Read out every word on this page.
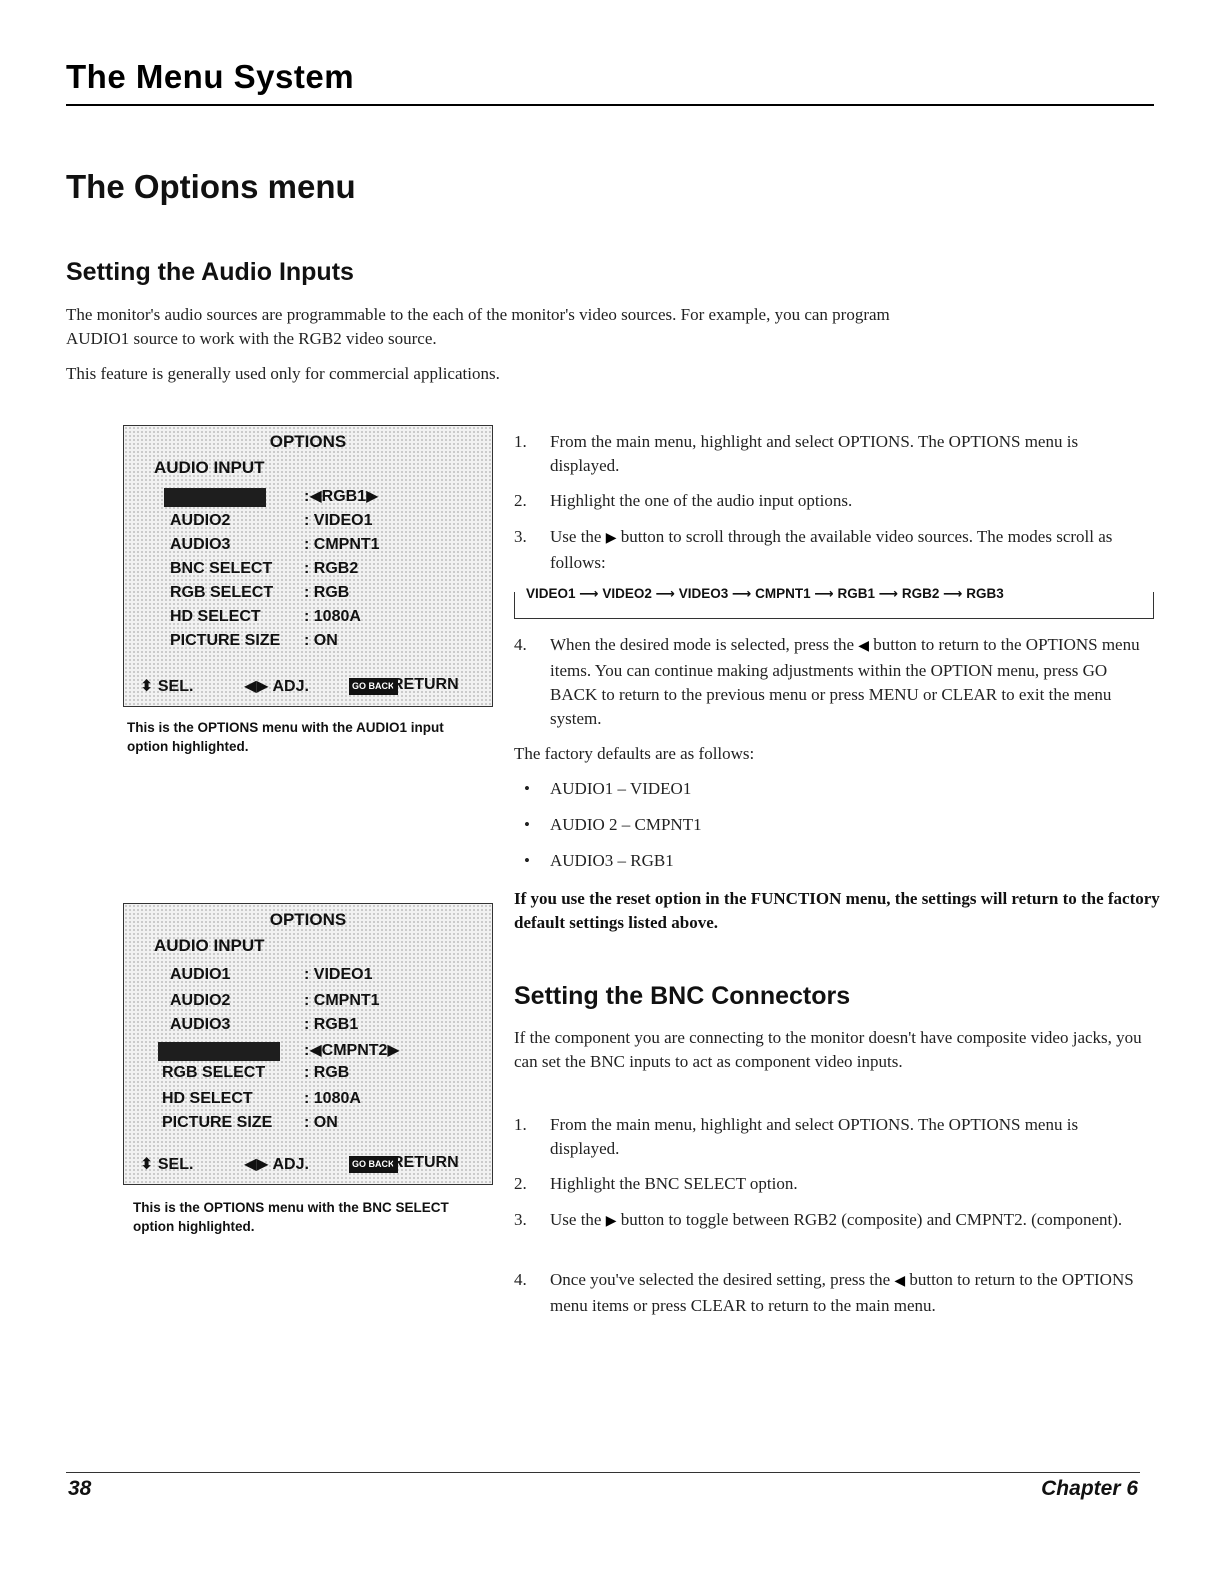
The Menu System
The Options menu
Setting the Audio Inputs
The monitor's audio sources are programmable to the each of the monitor's video sources. For example, you can program AUDIO1 source to work with the RGB2 video source.
This feature is generally used only for commercial applications.
OPTIONS
AUDIO INPUT
:◀RGB1▶
AUDIO2	: VIDEO1
AUDIO3	: CMPNT1
BNC SELECT : RGB2
RGB SELECT : RGB
HD SELECT	: 1080A
PICTURE SIZE : ON
⬍ SEL.	◀▶ ADJ.	GO BACK
RETURN
This is the OPTIONS menu with the AUDIO1 input option highlighted.
1. From the main menu, highlight and select OPTIONS. The OPTIONS menu is displayed.
2. Highlight the one of the audio input options.
3. Use the ▶ button to scroll through the available video sources. The modes scroll as follows:
VIDEO1 ⟶ VIDEO2 ⟶ VIDEO3 ⟶ CMPNT1 ⟶ RGB1 ⟶ RGB2 ⟶ RGB3
4. When the desired mode is selected, press the ◀ button to return to the OPTIONS menu items. You can continue making adjustments within the OPTION menu, press GO BACK to return to the previous menu or press MENU or CLEAR to exit the menu system.
The factory defaults are as follows:
• AUDIO1 – VIDEO1
• AUDIO 2 – CMPNT1
• AUDIO3 – RGB1
If you use the reset option in the FUNCTION menu, the settings will return to the factory default settings listed above.
OPTIONS
AUDIO INPUT
AUDIO1	: VIDEO1
AUDIO2	: CMPNT1
AUDIO3	: RGB1
:◀CMPNT2▶
RGB SELECT : RGB
HD SELECT	: 1080A
PICTURE SIZE : ON
⬍ SEL.	◀▶ ADJ.	GO BACK
RETURN
This is the OPTIONS menu with the BNC SELECT option highlighted.
Setting the BNC Connectors
If the component you are connecting to the monitor doesn't have composite video jacks, you can set the BNC inputs to act as component video inputs.
1. From the main menu, highlight and select OPTIONS. The OPTIONS menu is displayed.
2. Highlight the BNC SELECT option.
3. Use the ▶ button to toggle between RGB2 (composite) and CMPNT2. (component).
4. Once you've selected the desired setting, press the ◀ button to return to the OPTIONS menu items or press CLEAR to return to the main menu.
38	Chapter 6
